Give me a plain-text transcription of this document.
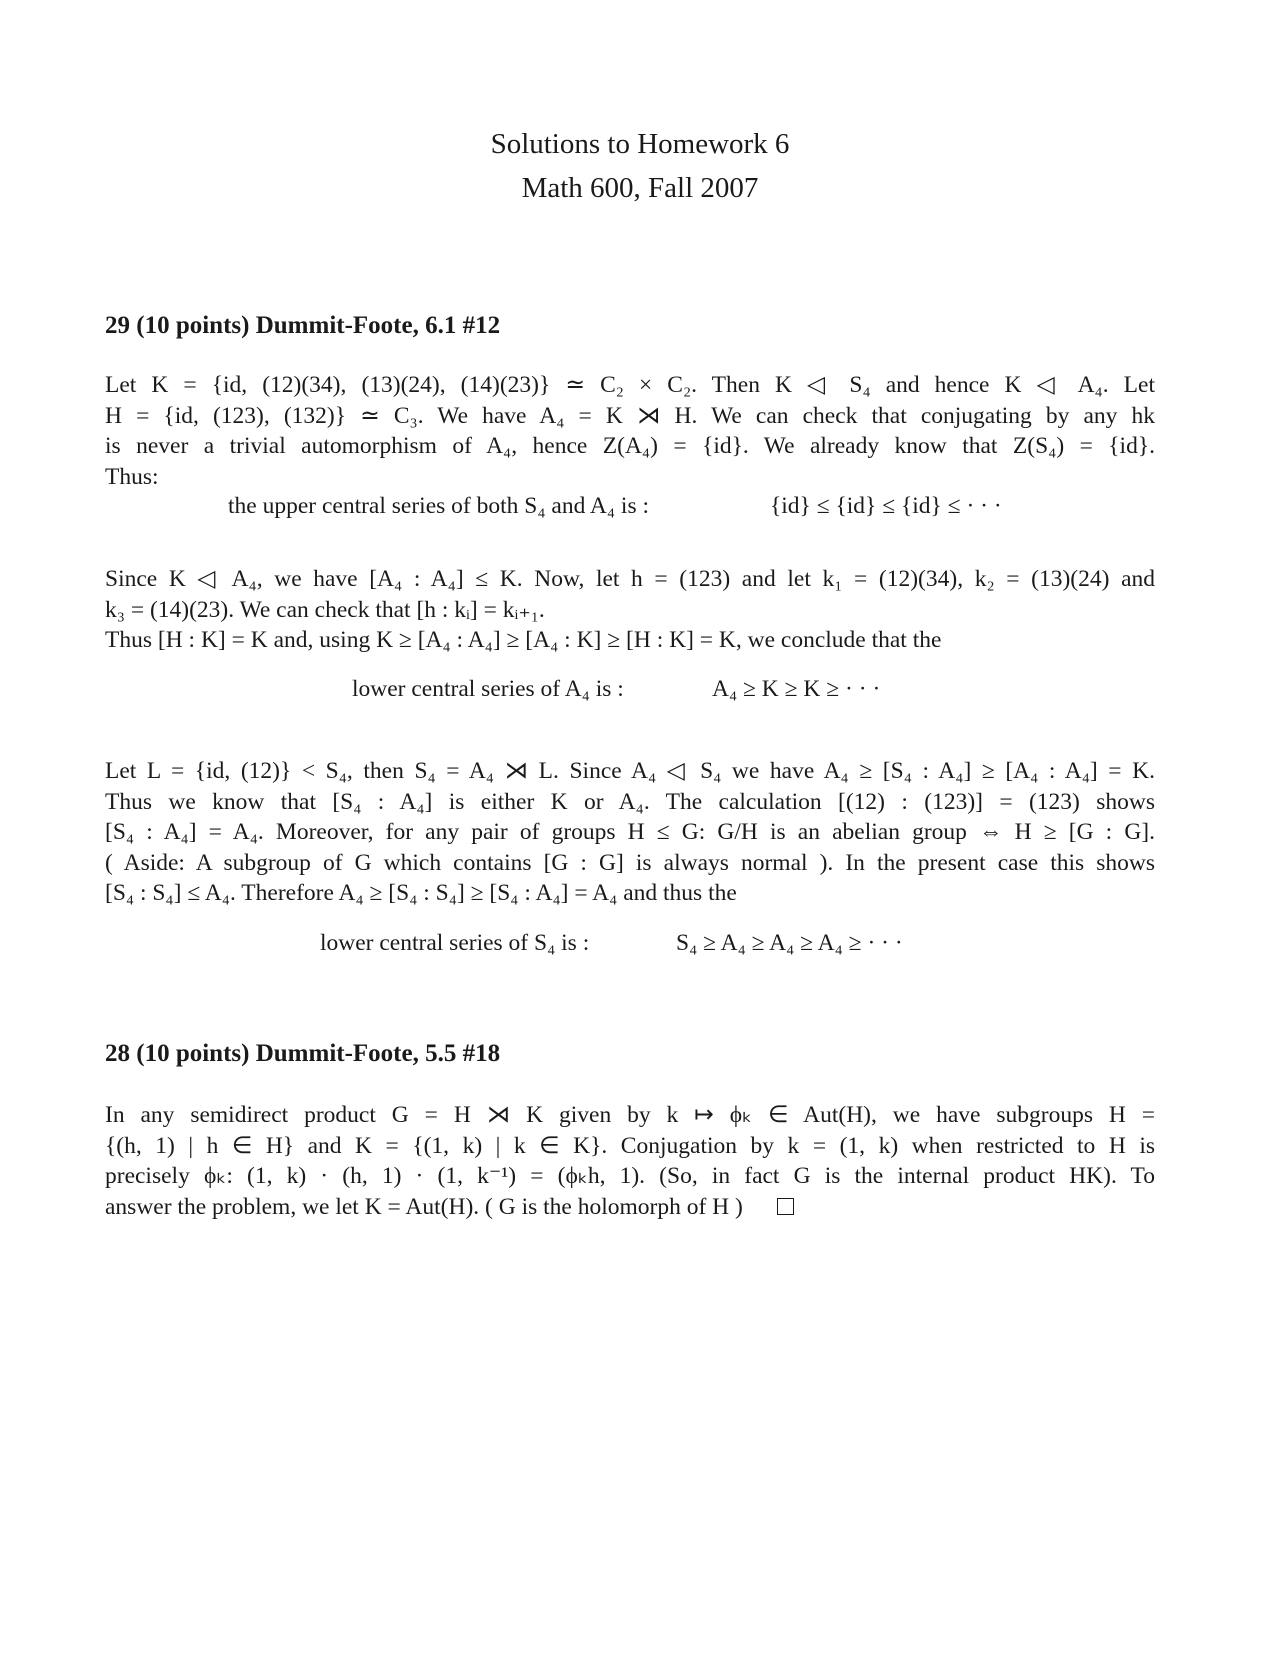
Solutions to Homework 6
Math 600, Fall 2007
29 (10 points) Dummit-Foote, 6.1 #12
Let K = {id, (12)(34), (13)(24), (14)(23)} ≃ C₂ × C₂. Then K ◁ S₄ and hence K ◁ A₄. Let
H = {id, (123), (132)} ≃ C₃. We have A₄ = K ⋊ H. We can check that conjugating by any hk
is never a trivial automorphism of A₄, hence Z(A₄) = {id}. We already know that Z(S₄) = {id}.
Thus:
the upper central series of both S₄ and A₄ is :	{id} ≤ {id} ≤ {id} ≤ · · ·
Since K ◁ A₄, we have [A₄ : A₄] ≤ K. Now, let h = (123) and let k₁ = (12)(34), k₂ = (13)(24) and
k₃ = (14)(23). We can check that [h : kᵢ] = kᵢ₊₁.
Thus [H : K] = K and, using K ≥ [A₄ : A₄] ≥ [A₄ : K] ≥ [H : K] = K, we conclude that the
lower central series of A₄ is :	A₄ ≥ K ≥ K ≥ · · ·
Let L = {id, (12)} < S₄, then S₄ = A₄ ⋊ L. Since A₄ ◁ S₄ we have A₄ ≥ [S₄ : A₄] ≥ [A₄ : A₄] = K.
Thus we know that [S₄ : A₄] is either K or A₄. The calculation [(12) : (123)] = (123) shows
[S₄ : A₄] = A₄. Moreover, for any pair of groups H ≤ G: G/H is an abelian group ⇔ H ≥ [G : G].
( Aside: A subgroup of G which contains [G : G] is always normal ). In the present case this shows
[S₄ : S₄] ≤ A₄. Therefore A₄ ≥ [S₄ : S₄] ≥ [S₄ : A₄] = A₄ and thus the
lower central series of S₄ is :	S₄ ≥ A₄ ≥ A₄ ≥ A₄ ≥ · · ·
28 (10 points) Dummit-Foote, 5.5 #18
In any semidirect product G = H ⋊ K given by k ↦ ϕₖ ∈ Aut(H), we have subgroups H =
{(h, 1) | h ∈ H} and K = {(1, k) | k ∈ K}. Conjugation by k = (1, k) when restricted to H is
precisely ϕₖ: (1, k) · (h, 1) · (1, k⁻¹) = (ϕₖh, 1). (So, in fact G is the internal product HK). To
answer the problem, we let K = Aut(H). ( G is the holomorph of H )
